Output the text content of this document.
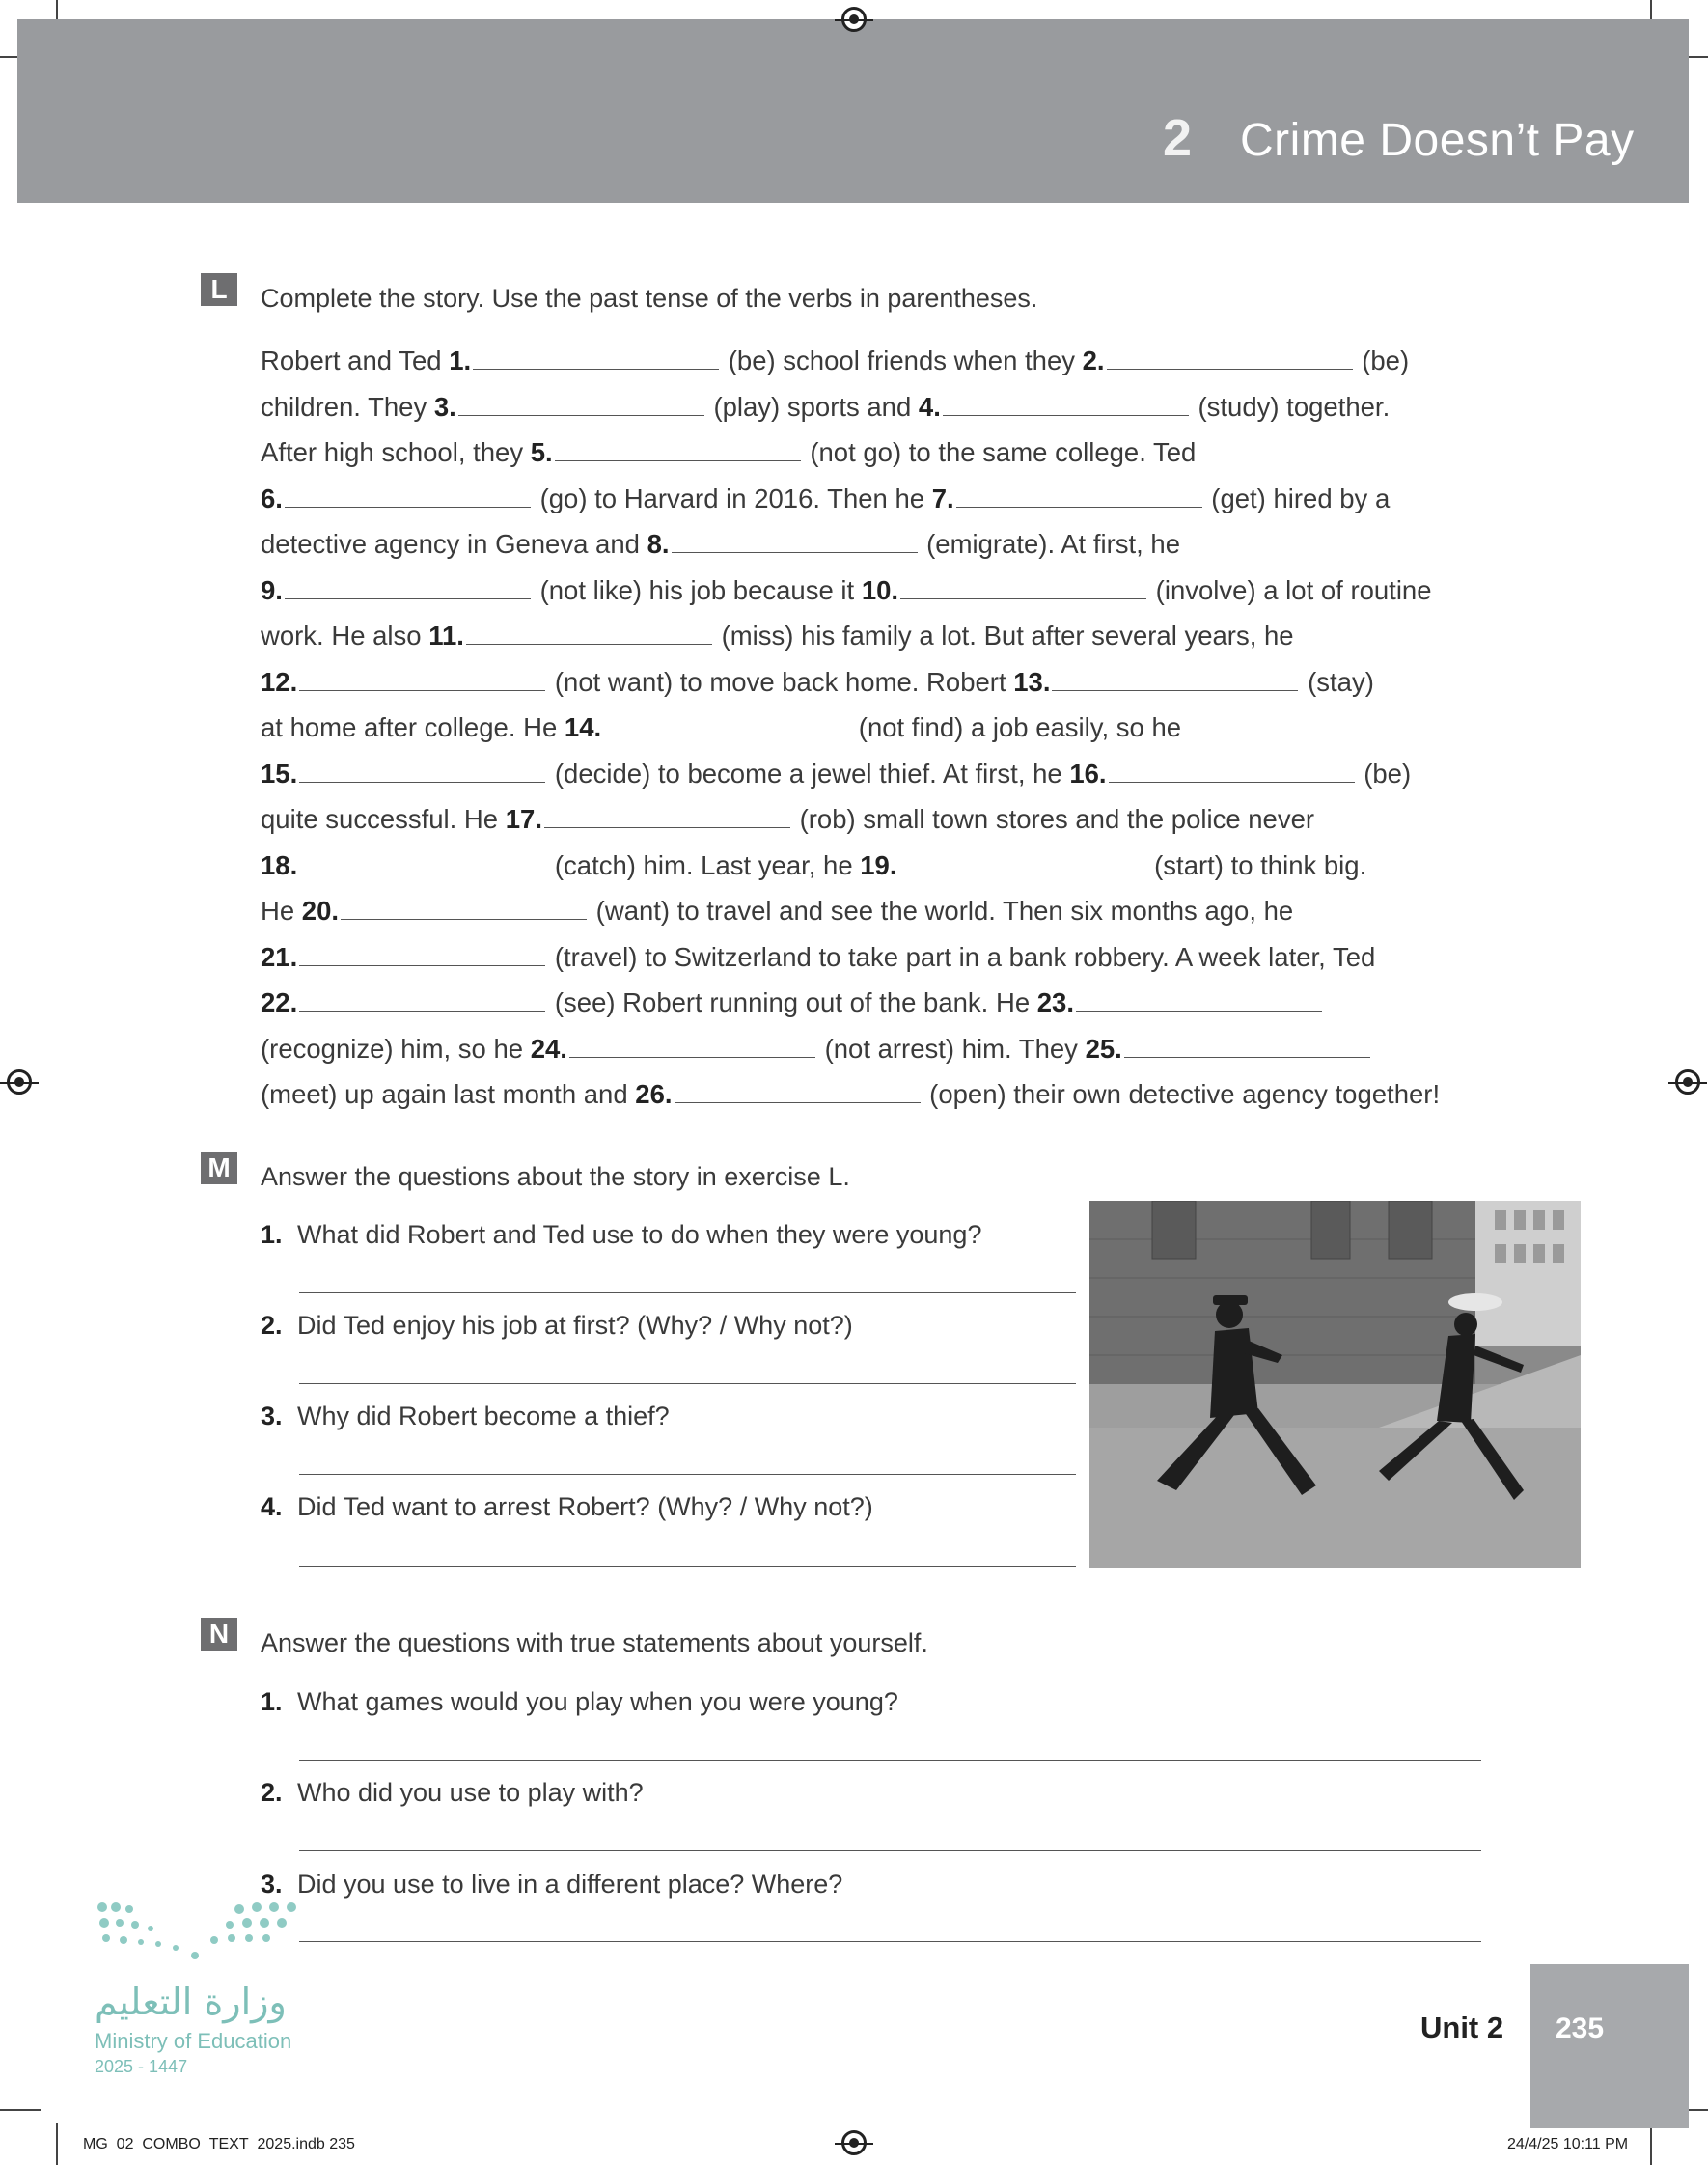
2 Crime Doesn’t Pay
L	Complete the story. Use the past tense of the verbs in parentheses.
Robert and Ted 1.	(be) school friends when they 2.	(be)
children. They 3.	(play) sports and 4.	(study) together.
After high school, they 5.	(not go) to the same college. Ted
6.	(go) to Harvard in 2016. Then he 7.	(get) hired by a
detective agency in Geneva and 8.	(emigrate). At first, he
9.	(not like) his job because it 10.	(involve) a lot of routine
work. He also 11.	(miss) his family a lot. But after several years, he
12.	(not want) to move back home. Robert 13.	(stay)
at home after college. He 14.	(not find) a job easily, so he
15.	(decide) to become a jewel thief. At first, he 16.	(be)
quite successful. He 17.	(rob) small town stores and the police never
18.	(catch) him. Last year, he 19.	(start) to think big.
He 20.	(want) to travel and see the world. Then six months ago, he
21.	(travel) to Switzerland to take part in a bank robbery. A week later, Ted
22.	(see) Robert running out of the bank. He 23.
(recognize) him, so he 24.	(not arrest) him. They 25.
(meet) up again last month and 26.	(open) their own detective agency together!
M Answer the questions about the story in exercise L.
1. What did Robert and Ted use to do when they were young?
2. Did Ted enjoy his job at first? (Why? / Why not?)
3. Why did Robert become a thief?
4. Did Ted want to arrest Robert? (Why? / Why not?)
N	Answer the questions with true statements about yourself.
1. What games would you play when you were young?
2. Who did you use to play with?
3. Did you use to live in a different place? Where?
وزارة التعليم
Ministry of Education
2025 - 1447
Unit 2 235
MG_02_COMBO_TEXT_2025.indb 235	24/4/25 10:11 PM
